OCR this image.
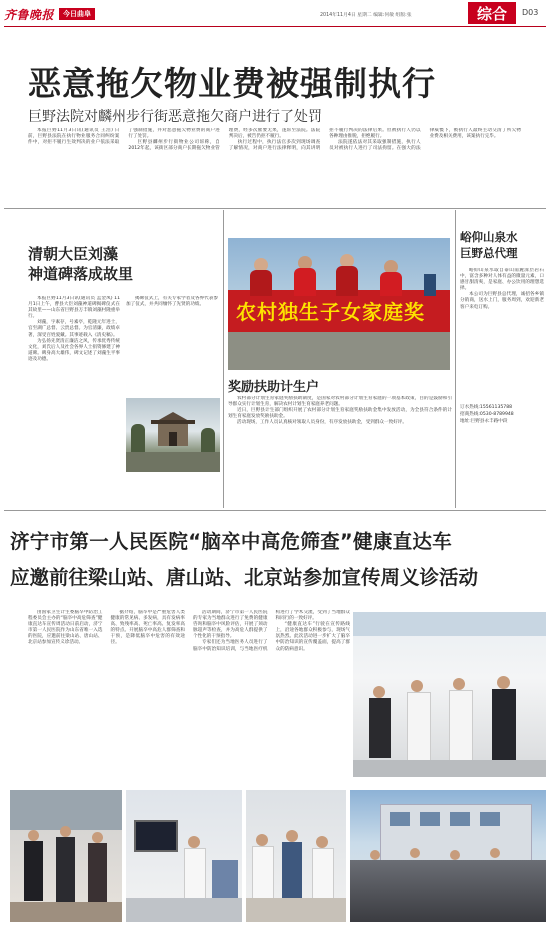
齐鲁晚报	今日曲阜	2014年11月4日 星期二 编辑:何敏 组版:张	综合 D03
恶意拖欠物业费被强制执行
巨野法院对麟州步行街恶意拖欠商户进行了处罚

本报巨野11月3日讯(通讯员 王浩) 日前，巨野县法院在执行物业服务合同纠纷案件中，对拒不履行生效判决的业户依法采取了强制措施，并对恶意拖欠物业费的商户进行了处罚。

巨野县麟州步行街物业公司诉称，自2012年起，该街区部分商户长期拖欠物业管理费，经多次催要无果，遂诉至法院。法院判决后，被告仍拒不履行。

执行过程中，执行法官多次到现场调查了解情况，对商户进行法律释明，向其讲明拒不履行判决的法律后果。但被执行人仍以各种理由推脱，拒绝履行。

法院遂依法对其采取强制措施，执行人员对被执行人进行了司法拘留。在强大的法律威慑下，被执行人最终主动交清了所欠物业费及相关费用，该案执行完毕。

清朝大臣刘藻
神道碑落成故里

本报巨野11月3日讯(通讯员 孟金凤) 11月1日上午，曹县大臣刘藻神道碑揭碑仪式在其故里——山东省巨野县万丰镇刘藻村隆重举行。

刘藻，字素存，号素亭，乾隆元年进士，官至湖广总督、云贵总督。为官清廉，政绩卓著，深受百姓爱戴。其事迹载入《清史稿》。

为弘扬先贤清正廉洁之风，传承优秀传统文化，刘氏后人及社会各界人士捐资修建了神道碑。碑身高大雄伟，碑文记述了刘藻生平事迹及功德。

揭碑仪式上，有关专家学者及各界代表参加了仪式，并共同缅怀了先贤的功绩。	农村独生子女家庭奖
奖励扶助计生户

农村部分计划生育家庭奖励扶助制度，是国家对农村部分计划生育家庭的一项基本政策，目的是鼓励和引导群众实行计划生育，解决农村计划生育家庭养老问题。

近日，巨野县计生部门组织开展了农村部分计划生育家庭奖励扶助金集中发放活动，为全县符合条件的计划生育家庭发放奖励扶助金。

活动现场，工作人员认真核对领取人员身份，有序发放扶助金，受到群众一致好评。

峪仰山泉水
巨野总代理

峪仰山泉水取自泰山南麓深层岩石中，富含多种对人体有益的微量元素，口感甘甜清爽，是家庭、办公饮用的理想选择。

本公司为巨野县总代理，诚招各乡镇分销商，送水上门，服务周到，欢迎新老客户来电订购。

订水热线:15561135788
招商热线:0530-8789948
地址:巨野县永丰路中段
济宁市第一人民医院“脑卒中高危筛查”健康直达车
应邀前往梁山站、唐山站、北京站参加宣传周义诊活动

由国家卫生计生委脑卒中防治工程委员会主办的“脑卒中高危筛查”健康直达车宣传周活动日前启动，济宁市第一人民医院作为山东省唯一入选的医院，应邀前往梁山站、唐山站、北京站参加宣传义诊活动。

据介绍，脑卒中是严重危害人类健康的常见病、多发病，具有发病率高、致残率高、死亡率高、复发率高的特点。开展脑卒中高危人群筛查和干预，是降低脑卒中危害的有效途径。

活动期间，济宁市第一人民医院的专家为当地群众进行了免费的健康咨询和脑卒中风险评估，开展了颈动脉超声等检查，并为高危人群提供了个性化的干预指导。

专家们还为当地医务人员进行了脑卒中防治知识培训，与当地医疗机构进行了学术交流，受到了当地群众和同行的一致好评。

“健康直达车”行驶在宣传路线上，沿途各地群众积极参与，现场气氛热烈。此次活动进一步扩大了脑卒中防治知识的宣传覆盖面，提高了群众的防病意识。
